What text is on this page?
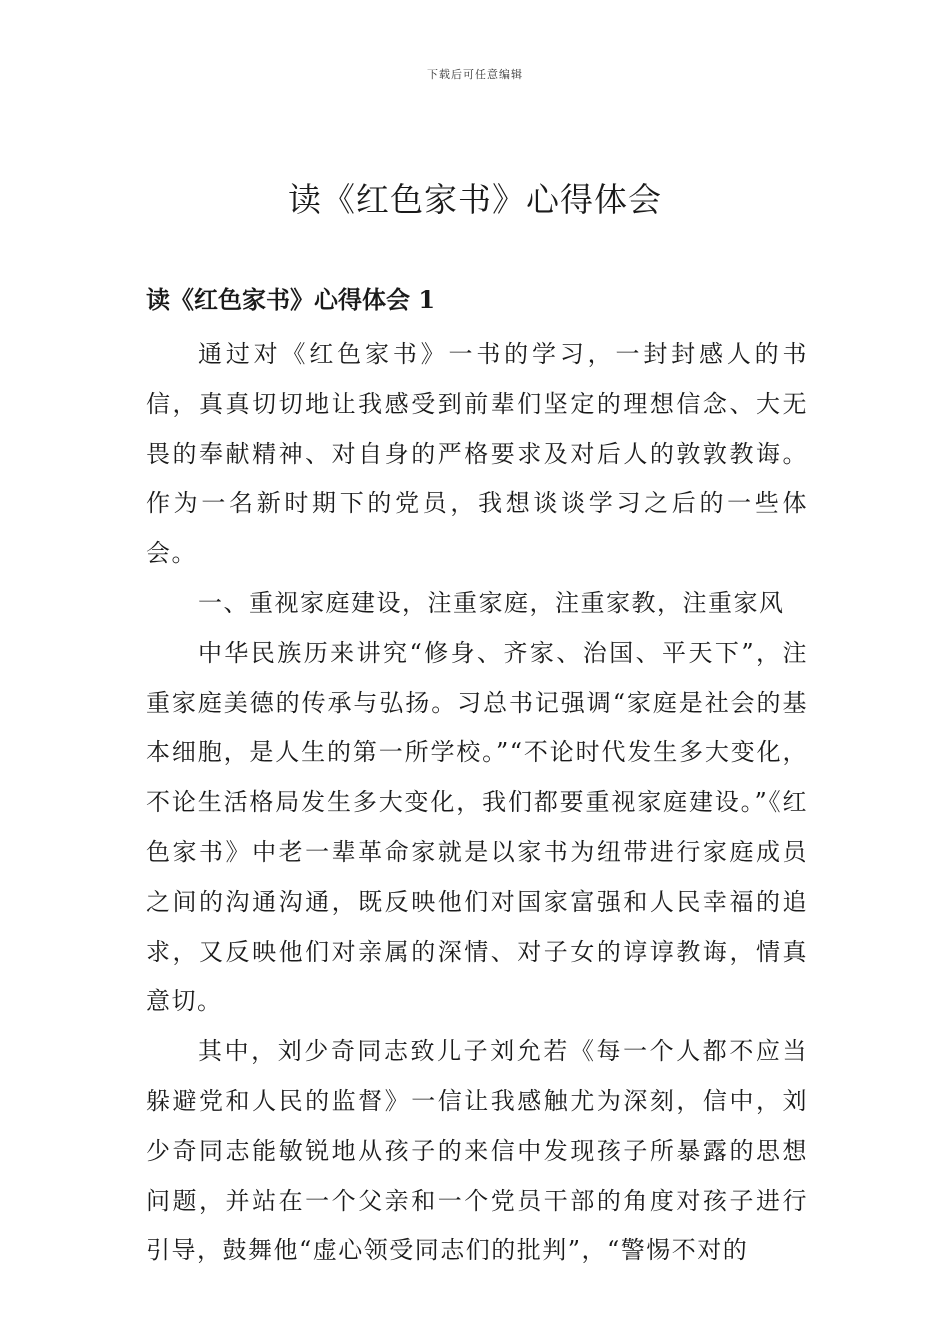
下载后可任意编辑
读《红色家书》心得体会
读《红色家书》心得体会 1

通过对《红色家书》一书的学习，一封封感人的书信，真真切切地让我感受到前辈们坚定的理想信念、大无畏的奉献精神、对自身的严格要求及对后人的敦敦教诲。作为一名新时期下的党员，我想谈谈学习之后的一些体会。

一、重视家庭建设，注重家庭，注重家教，注重家风

中华民族历来讲究“修身、齐家、治国、平天下”，注重家庭美德的传承与弘扬。习总书记强调“家庭是社会的基本细胞，是人生的第一所学校。”“不论时代发生多大变化，不论生活格局发生多大变化，我们都要重视家庭建设。”《红色家书》中老一辈革命家就是以家书为纽带进行家庭成员之间的沟通沟通，既反映他们对国家富强和人民幸福的追求，又反映他们对亲属的深情、对子女的谆谆教诲，情真意切。

其中，刘少奇同志致儿子刘允若《每一个人都不应当躲避党和人民的监督》一信让我感触尤为深刻，信中，刘少奇同志能敏锐地从孩子的来信中发现孩子所暴露的思想问题，并站在一个父亲和一个党员干部的角度对孩子进行引导，鼓舞他“虚心领受同志们的批判”，“警惕不对的
